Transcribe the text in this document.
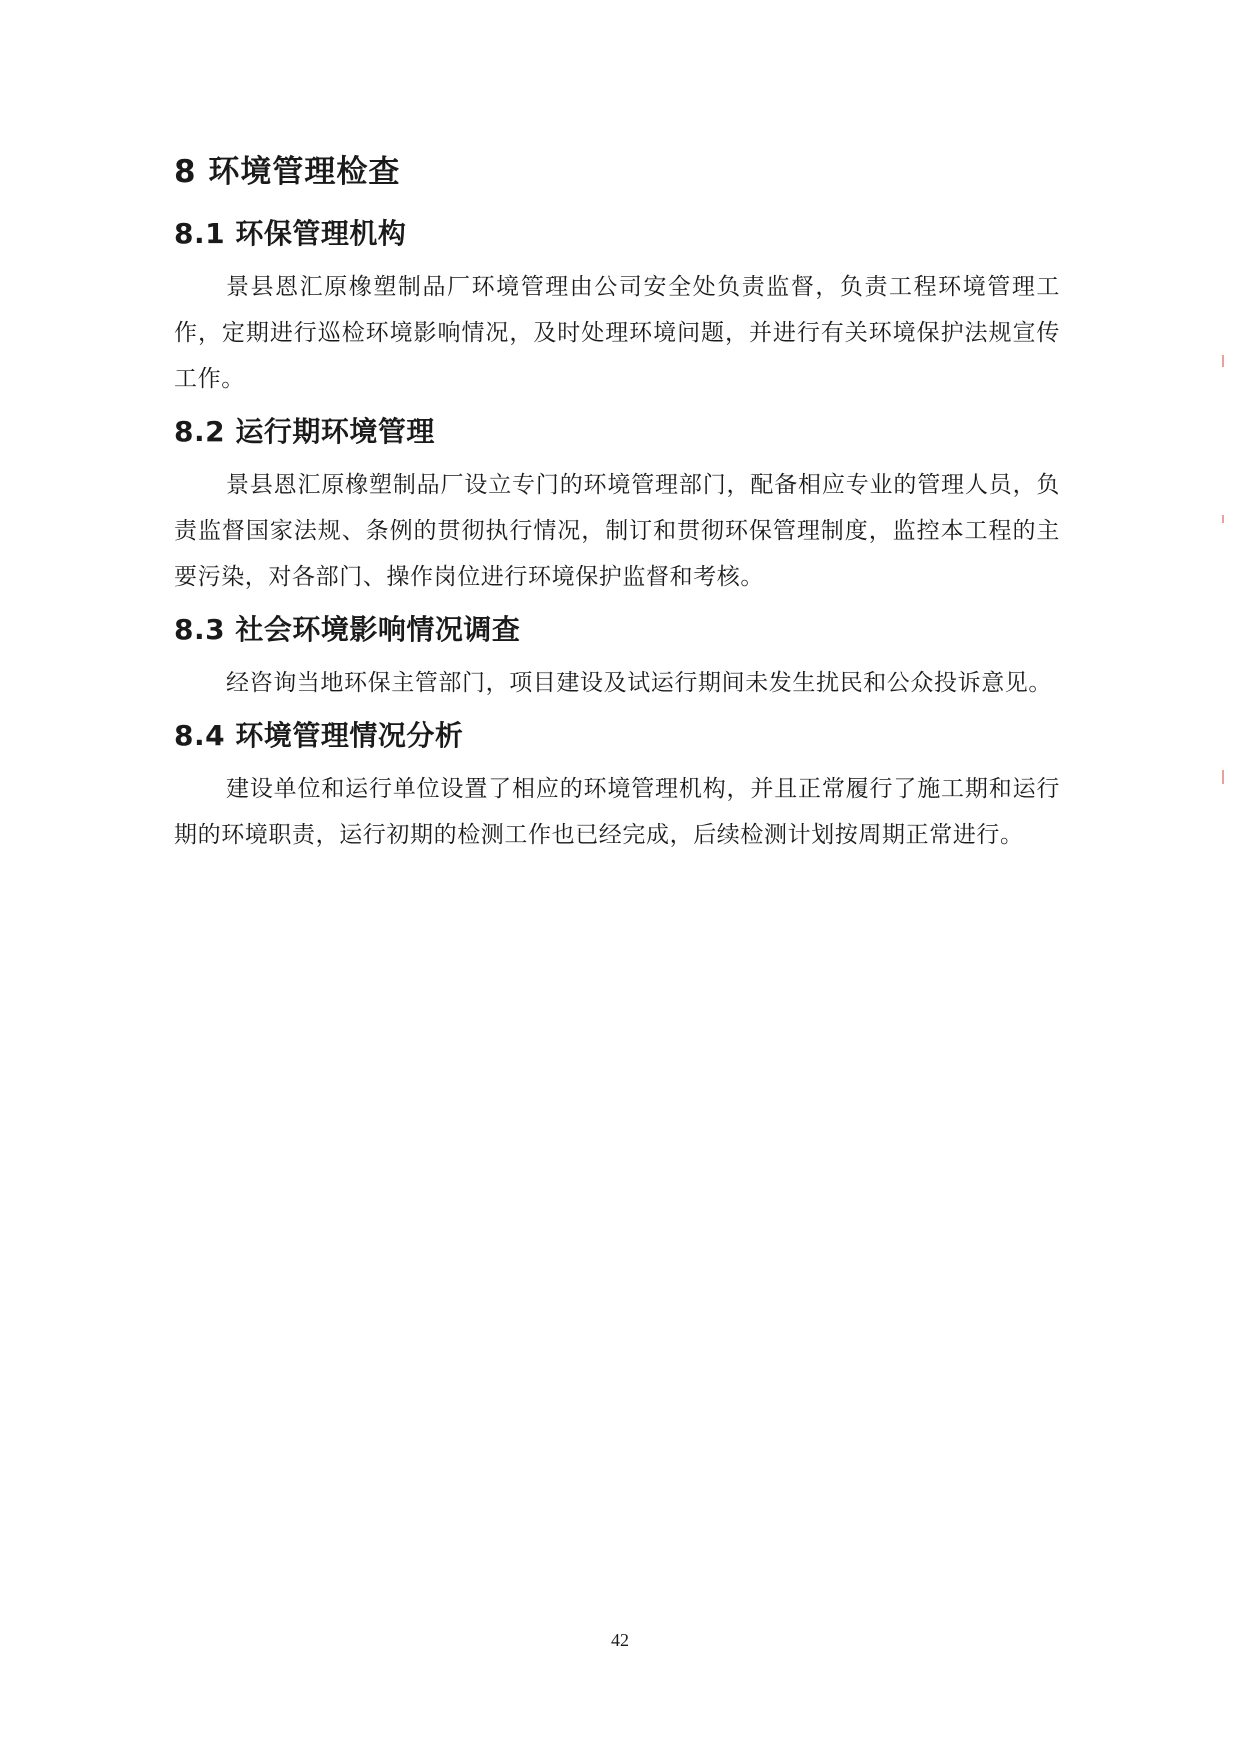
8 环境管理检查
8.1 环保管理机构

景县恩汇原橡塑制品厂环境管理由公司安全处负责监督，负责工程环境管理工作，定期进行巡检环境影响情况，及时处理环境问题，并进行有关环境保护法规宣传工作。

8.2 运行期环境管理

景县恩汇原橡塑制品厂设立专门的环境管理部门，配备相应专业的管理人员，负责监督国家法规、条例的贯彻执行情况，制订和贯彻环保管理制度，监控本工程的主要污染，对各部门、操作岗位进行环境保护监督和考核。

8.3 社会环境影响情况调查

经咨询当地环保主管部门，项目建设及试运行期间未发生扰民和公众投诉意见。

8.4 环境管理情况分析

建设单位和运行单位设置了相应的环境管理机构，并且正常履行了施工期和运行期的环境职责，运行初期的检测工作也已经完成，后续检测计划按周期正常进行。

42
